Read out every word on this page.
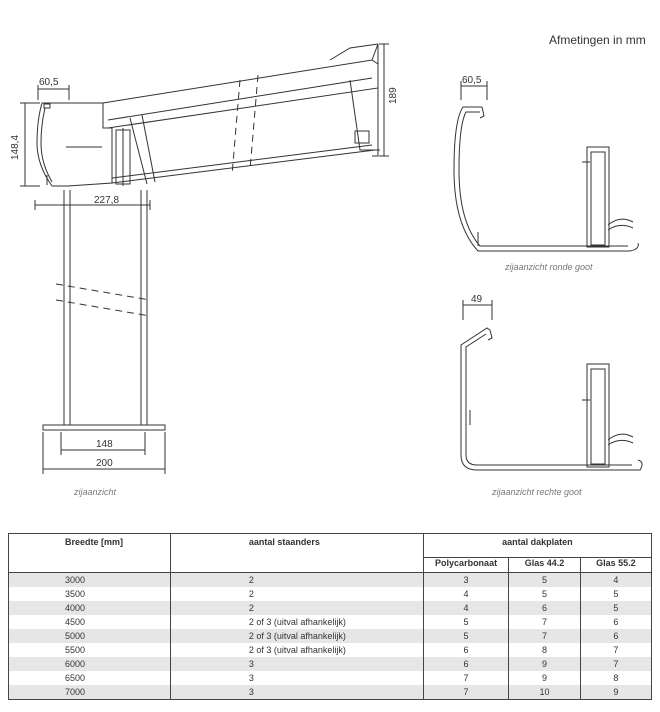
Afmetingen in mm
60,5
148,4
227,8
189
148
200
60,5
49
zijaanzicht
zijaanzicht ronde goot
zijaanzicht rechte goot
Breedte [mm]	aantal staanders	aantal dakplaten		
		Polycarbonaat	Glas 44.2	Glas 55.2
3000	2	3	5	4
3500	2	4	5	5
4000	2	4	6	5
4500	2 of 3 (uitval afhankelijk)	5	7	6
5000	2 of 3 (uitval afhankelijk)	5	7	6
5500	2 of 3 (uitval afhankelijk)	6	8	7
6000	3	6	9	7
6500	3	7	9	8
7000	3	7	10	9
